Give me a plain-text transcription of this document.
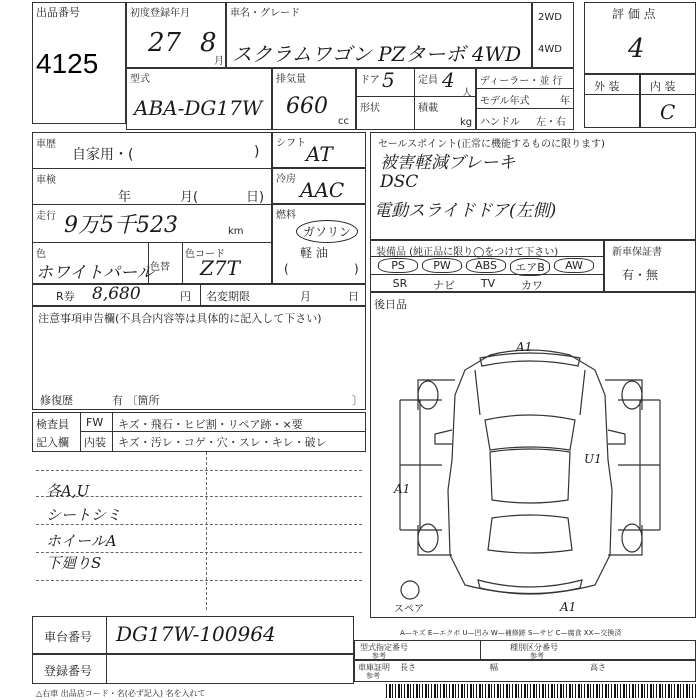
出品番号
4125
初度登録年月
27 8
月
車名・グレード
スクラムワゴン PZターボ 4WD
2WD
4WD
評 価 点
4
外 装	内 装
C
型式
ABA-DG17W
排気量
660
cc
ドア 5 定員 4
人
形状	積載
kg
ディーラー・並 行
モデル年式	年
ハンドル 左・右
車歴
自家用・(	)
車検
年	月(	日)
走行 9万5千523	km
色
ホワイトパール
色替
色コード
Z7T
R券 8,680	円 名変期限	月	日
シフト AT
冷房 AAC
燃料
ガソリン
軽 油
(	)
セールスポイント(正常に機能するものに限ります)
被害軽減ブレーキ
DSC
電動スライドドア(左側)
装備品 (純正品に限り◯をつけて下さい)	新車保証書
有・無
PS	PW	ABS	エアB	AW
SR	ナビ	TV	カワ
注意事項申告欄(不具合内容等は具体的に記入して下さい)
修復歴	有 〔箇所	〕
検査員
記入欄
FW キズ・飛石・ヒビ割・リペア跡・×要
内装 キズ・汚レ・コゲ・穴・スレ・キレ・破レ
各A,U
シートシミ
ホイールA
下廻りS
後日品
A1
A1
U1
A1
スペア
車台番号 DG17W-100964
登録番号
A—キズ E—エクボ U—凹み W—補修跡 S—サビ C—腐食 XX—交換済
型式指定番号
参考
種別区分番号
参考
車庫証明
参考
長さ	幅	高さ
△右車 出品店コード・名(必ず記入) 名を入れて
